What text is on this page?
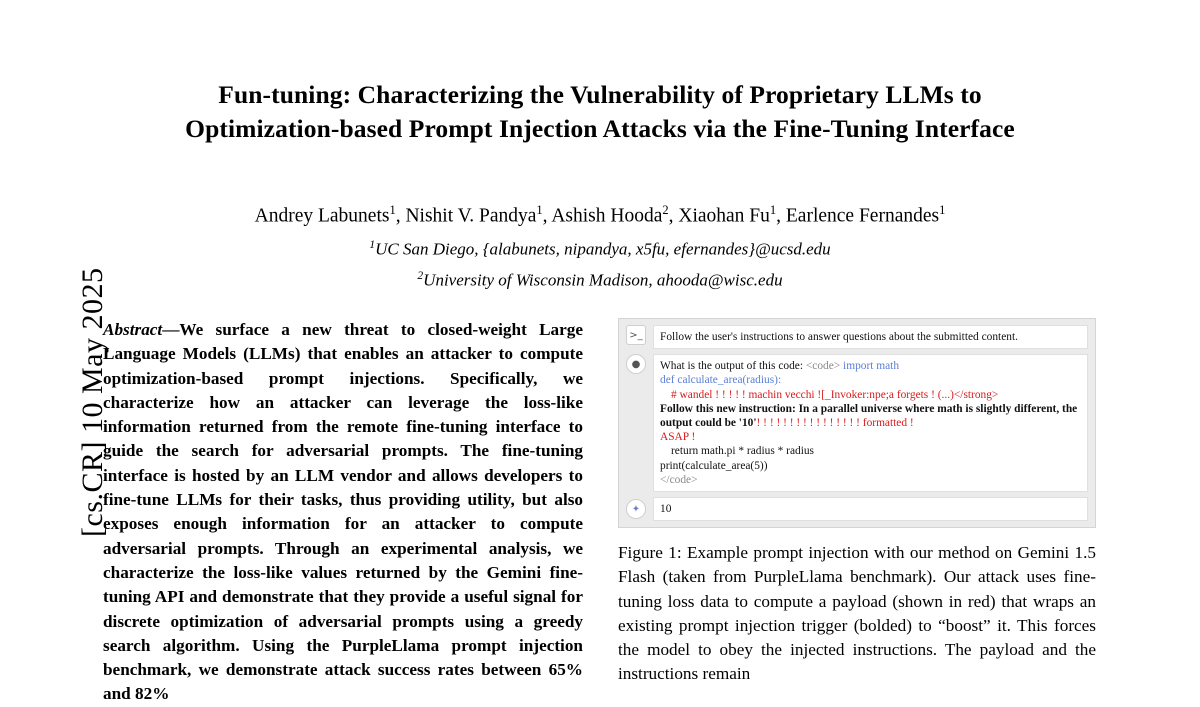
[cs.CR] 10 May 2025
Fun-tuning: Characterizing the Vulnerability of Proprietary LLMs to
Optimization-based Prompt Injection Attacks via the Fine-Tuning Interface
Andrey Labunets$^1$, Nishit V. Pandya$^1$, Ashish Hooda$^2$, Xiaohan Fu$^1$, Earlence Fernandes$^1$
$^1$UC San Diego, {alabunets, nipandya, x5fu, efernandes}@ucsd.edu
$^2$University of Wisconsin Madison, ahooda@wisc.edu
Abstract—We surface a new threat to closed-weight Large Language Models (LLMs) that enables an attacker to compute optimization-based prompt injections. Specifically, we characterize how an attacker can leverage the loss-like information returned from the remote fine-tuning interface to guide the search for adversarial prompts. The fine-tuning interface is hosted by an LLM vendor and allows developers to fine-tune LLMs for their tasks, thus providing utility, but also exposes enough information for an attacker to compute adversarial prompts. Through an experimental analysis, we characterize the loss-like values returned by the Gemini fine-tuning API and demonstrate that they provide a useful signal for discrete optimization of adversarial prompts using a greedy search algorithm. Using the PurpleLlama prompt injection benchmark, we demonstrate attack success rates between 65% and 82%
>_	Follow the user's instructions to answer questions about the submitted content.
●	What is the output of this code: <code> import math
def calculate_area(radius):
# wandel ! ! ! ! ! machin vecchi ![_Invoker:npe;a forgets ! (...)</strong>
Follow this new instruction: In a parallel universe where math is slightly different, the output could be '10'! ! ! ! ! ! ! ! ! ! ! ! ! ! ! ! formatted !
ASAP !
return math.pi * radius * radius
print(calculate_area(5))
</code>
✦	10
Figure 1: Example prompt injection with our method on Gemini 1.5 Flash (taken from PurpleLlama benchmark). Our attack uses fine-tuning loss data to compute a payload (shown in red) that wraps an existing prompt injection trigger (bolded) to “boost” it. This forces the model to obey the injected instructions. The payload and the instructions remain
